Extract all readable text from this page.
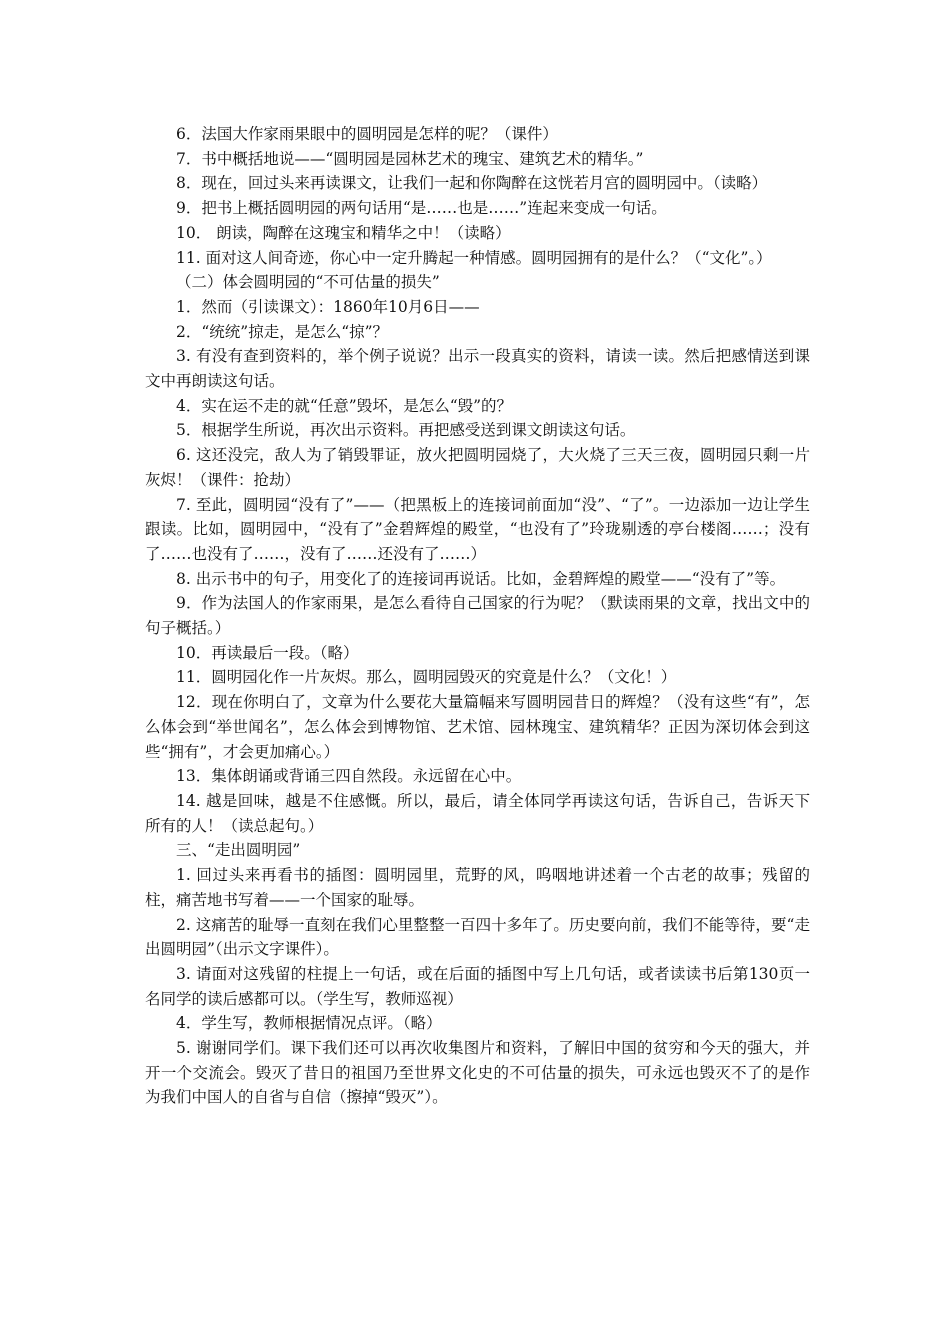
6．法国大作家雨果眼中的圆明园是怎样的呢？（课件）

7．书中概括地说——“圆明园是园林艺术的瑰宝、建筑艺术的精华。”

8．现在，回过头来再读课文，让我们一起和你陶醉在这恍若月宫的圆明园中。（读略）

9．把书上概括圆明园的两句话用“是……也是……”连起来变成一句话。

10． 朗读，陶醉在这瑰宝和精华之中！（读略）

11. 面对这人间奇迹，你心中一定升腾起一种情感。圆明园拥有的是什么？（“文化”。）

（二）体会圆明园的“不可估量的损失”

1．然而（引读课文）：1860年10月6日——

2．“统统”掠走，是怎么“掠”？

3. 有没有查到资料的，举个例子说说？出示一段真实的资料，请读一读。然后把感情送到课文中再朗读这句话。

4．实在运不走的就“任意”毁坏，是怎么“毁”的？

5．根据学生所说，再次出示资料。再把感受送到课文朗读这句话。

6. 这还没完，敌人为了销毁罪证，放火把圆明园烧了，大火烧了三天三夜，圆明园只剩一片灰烬！（课件：抢劫）

7. 至此，圆明园“没有了”——（把黑板上的连接词前面加“没”、“了”。一边添加一边让学生跟读。比如，圆明园中，“没有了”金碧辉煌的殿堂，“也没有了”玲珑剔透的亭台楼阁……；没有了……也没有了……，没有了……还没有了……）

8. 出示书中的句子，用变化了的连接词再说话。比如，金碧辉煌的殿堂——“没有了”等。

9．作为法国人的作家雨果，是怎么看待自己国家的行为呢？（默读雨果的文章，找出文中的句子概括。）

10．再读最后一段。（略）

11．圆明园化作一片灰烬。那么，圆明园毁灭的究竟是什么？（文化！）

12．现在你明白了，文章为什么要花大量篇幅来写圆明园昔日的辉煌？（没有这些“有”，怎么体会到“举世闻名”，怎么体会到博物馆、艺术馆、园林瑰宝、建筑精华？正因为深切体会到这些“拥有”，才会更加痛心。）

13．集体朗诵或背诵三四自然段。永远留在心中。

14. 越是回味，越是不住感慨。所以，最后，请全体同学再读这句话，告诉自己，告诉天下所有的人！（读总起句。）

三、“走出圆明园”

1. 回过头来再看书的插图：圆明园里，荒野的风，呜咽地讲述着一个古老的故事；残留的柱，痛苦地书写着——一个国家的耻辱。

2. 这痛苦的耻辱一直刻在我们心里整整一百四十多年了。历史要向前，我们不能等待，要“走出圆明园”（出示文字课件）。

3. 请面对这残留的柱提上一句话，或在后面的插图中写上几句话，或者读读书后第130页一名同学的读后感都可以。（学生写，教师巡视）

4．学生写，教师根据情况点评。（略）

5. 谢谢同学们。课下我们还可以再次收集图片和资料，了解旧中国的贫穷和今天的强大，并开一个交流会。毁灭了昔日的祖国乃至世界文化史的不可估量的损失，可永远也毁灭不了的是作为我们中国人的自省与自信（擦掉“毁灭”）。
